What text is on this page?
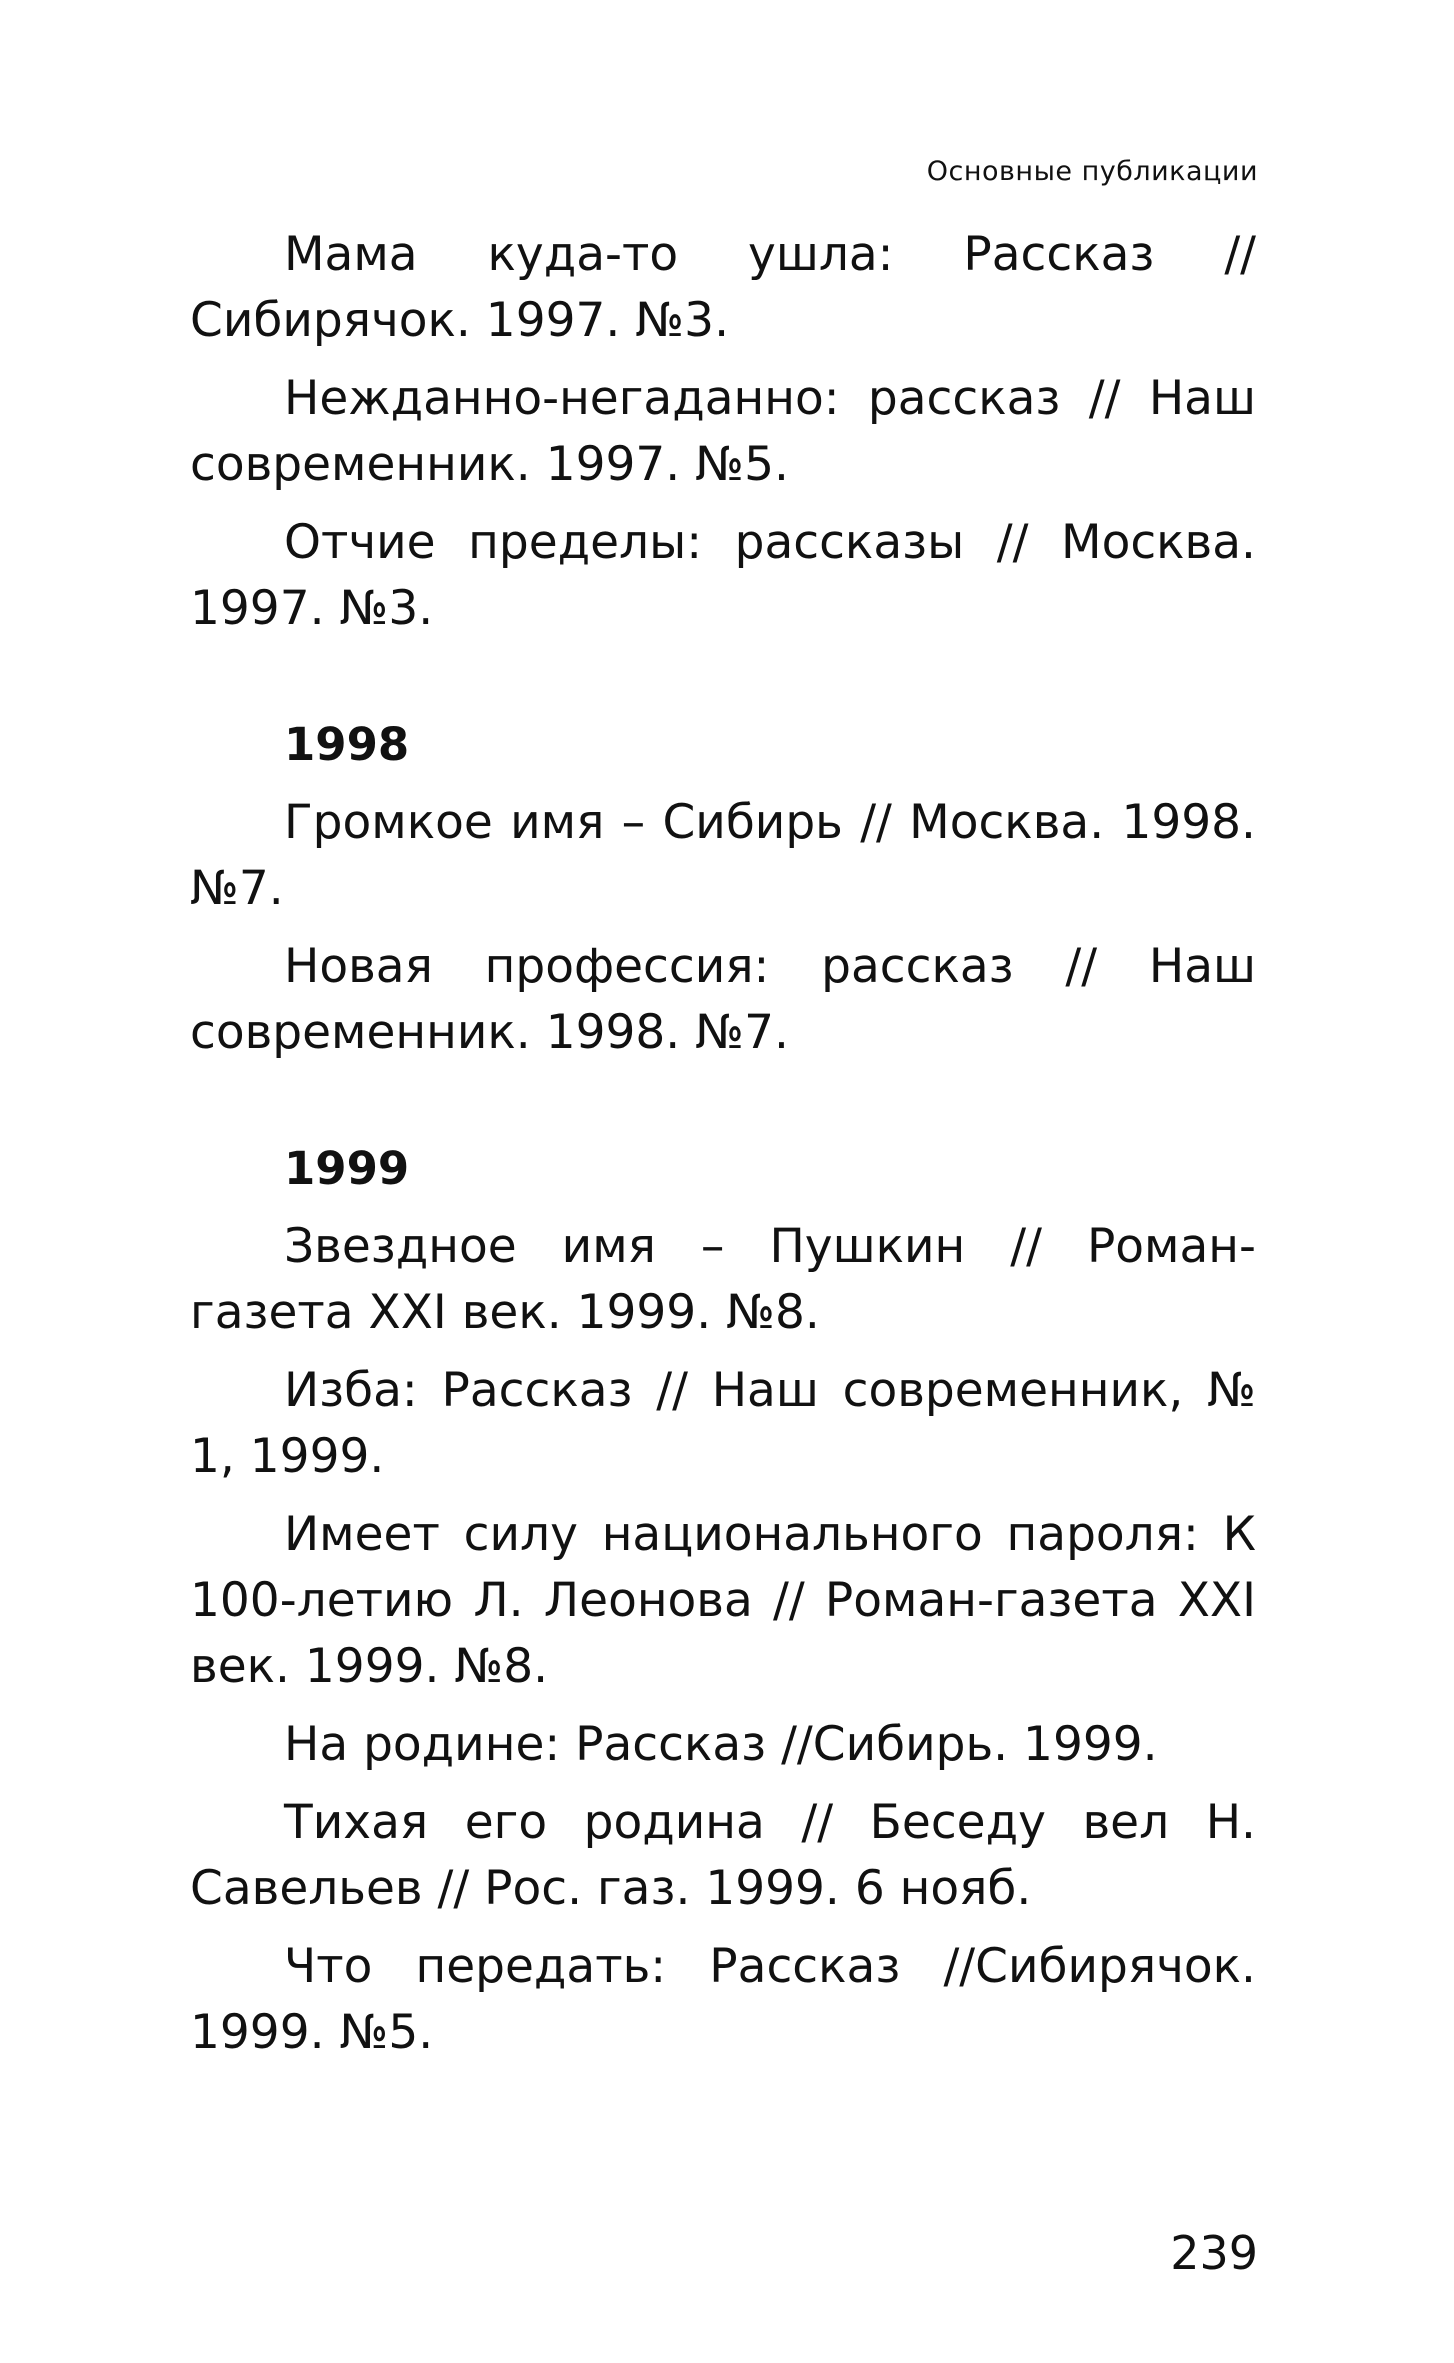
Основные публикации

Мама куда-то ушла: Рассказ // Сибирячок. 1997. №3.

Нежданно-негаданно: рассказ // Наш современник. 1997. №5.

Отчие пределы: рассказы // Москва. 1997. №3.

1998

Громкое имя – Сибирь // Москва. 1998. №7.

Новая профессия: рассказ // Наш современник. 1998. №7.

1999

Звездное имя – Пушкин // Роман-газета XXI век. 1999. №8.

Изба: Рассказ // Наш современник, № 1, 1999.

Имеет силу национального пароля: К 100-летию Л. Леонова // Роман-газета XXI век. 1999. №8.

На родине: Рассказ //Сибирь. 1999.

Тихая его родина // Беседу вел Н. Савельев // Рос. газ. 1999. 6 нояб.

Что передать: Рассказ //Сибирячок. 1999. №5.

239
